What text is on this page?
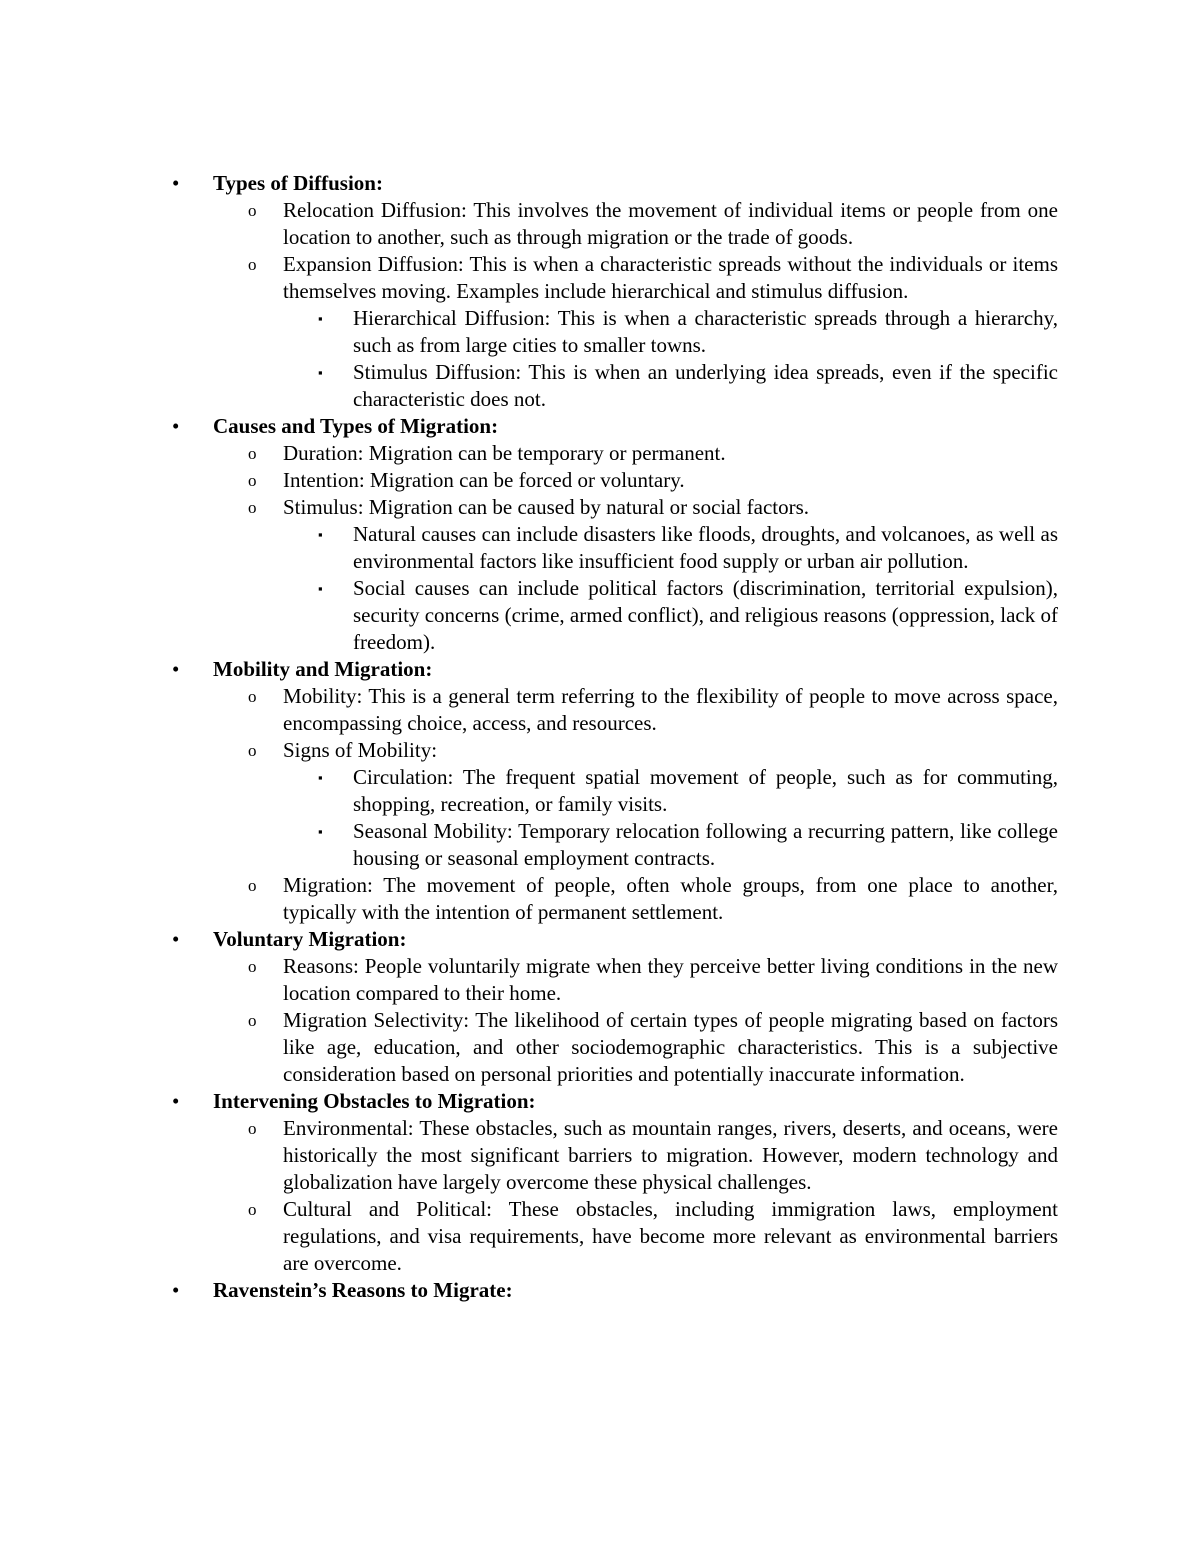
• Types of Diffusion:
o Relocation Diffusion: This involves the movement of individual items or people from one location to another, such as through migration or the trade of goods.
o Expansion Diffusion: This is when a characteristic spreads without the individuals or items themselves moving. Examples include hierarchical and stimulus diffusion.
▪ Hierarchical Diffusion: This is when a characteristic spreads through a hierarchy, such as from large cities to smaller towns.
▪ Stimulus Diffusion: This is when an underlying idea spreads, even if the specific characteristic does not.
• Causes and Types of Migration:
o Duration: Migration can be temporary or permanent.
o Intention: Migration can be forced or voluntary.
o Stimulus: Migration can be caused by natural or social factors.
▪ Natural causes can include disasters like floods, droughts, and volcanoes, as well as environmental factors like insufficient food supply or urban air pollution.
▪ Social causes can include political factors (discrimination, territorial expulsion), security concerns (crime, armed conflict), and religious reasons (oppression, lack of freedom).
• Mobility and Migration:
o Mobility: This is a general term referring to the flexibility of people to move across space, encompassing choice, access, and resources.
o Signs of Mobility:
▪ Circulation: The frequent spatial movement of people, such as for commuting, shopping, recreation, or family visits.
▪ Seasonal Mobility: Temporary relocation following a recurring pattern, like college housing or seasonal employment contracts.
o Migration: The movement of people, often whole groups, from one place to another, typically with the intention of permanent settlement.
• Voluntary Migration:
o Reasons: People voluntarily migrate when they perceive better living conditions in the new location compared to their home.
o Migration Selectivity: The likelihood of certain types of people migrating based on factors like age, education, and other sociodemographic characteristics. This is a subjective consideration based on personal priorities and potentially inaccurate information.
• Intervening Obstacles to Migration:
o Environmental: These obstacles, such as mountain ranges, rivers, deserts, and oceans, were historically the most significant barriers to migration. However, modern technology and globalization have largely overcome these physical challenges.
o Cultural and Political: These obstacles, including immigration laws, employment regulations, and visa requirements, have become more relevant as environmental barriers are overcome.
• Ravenstein’s Reasons to Migrate:
